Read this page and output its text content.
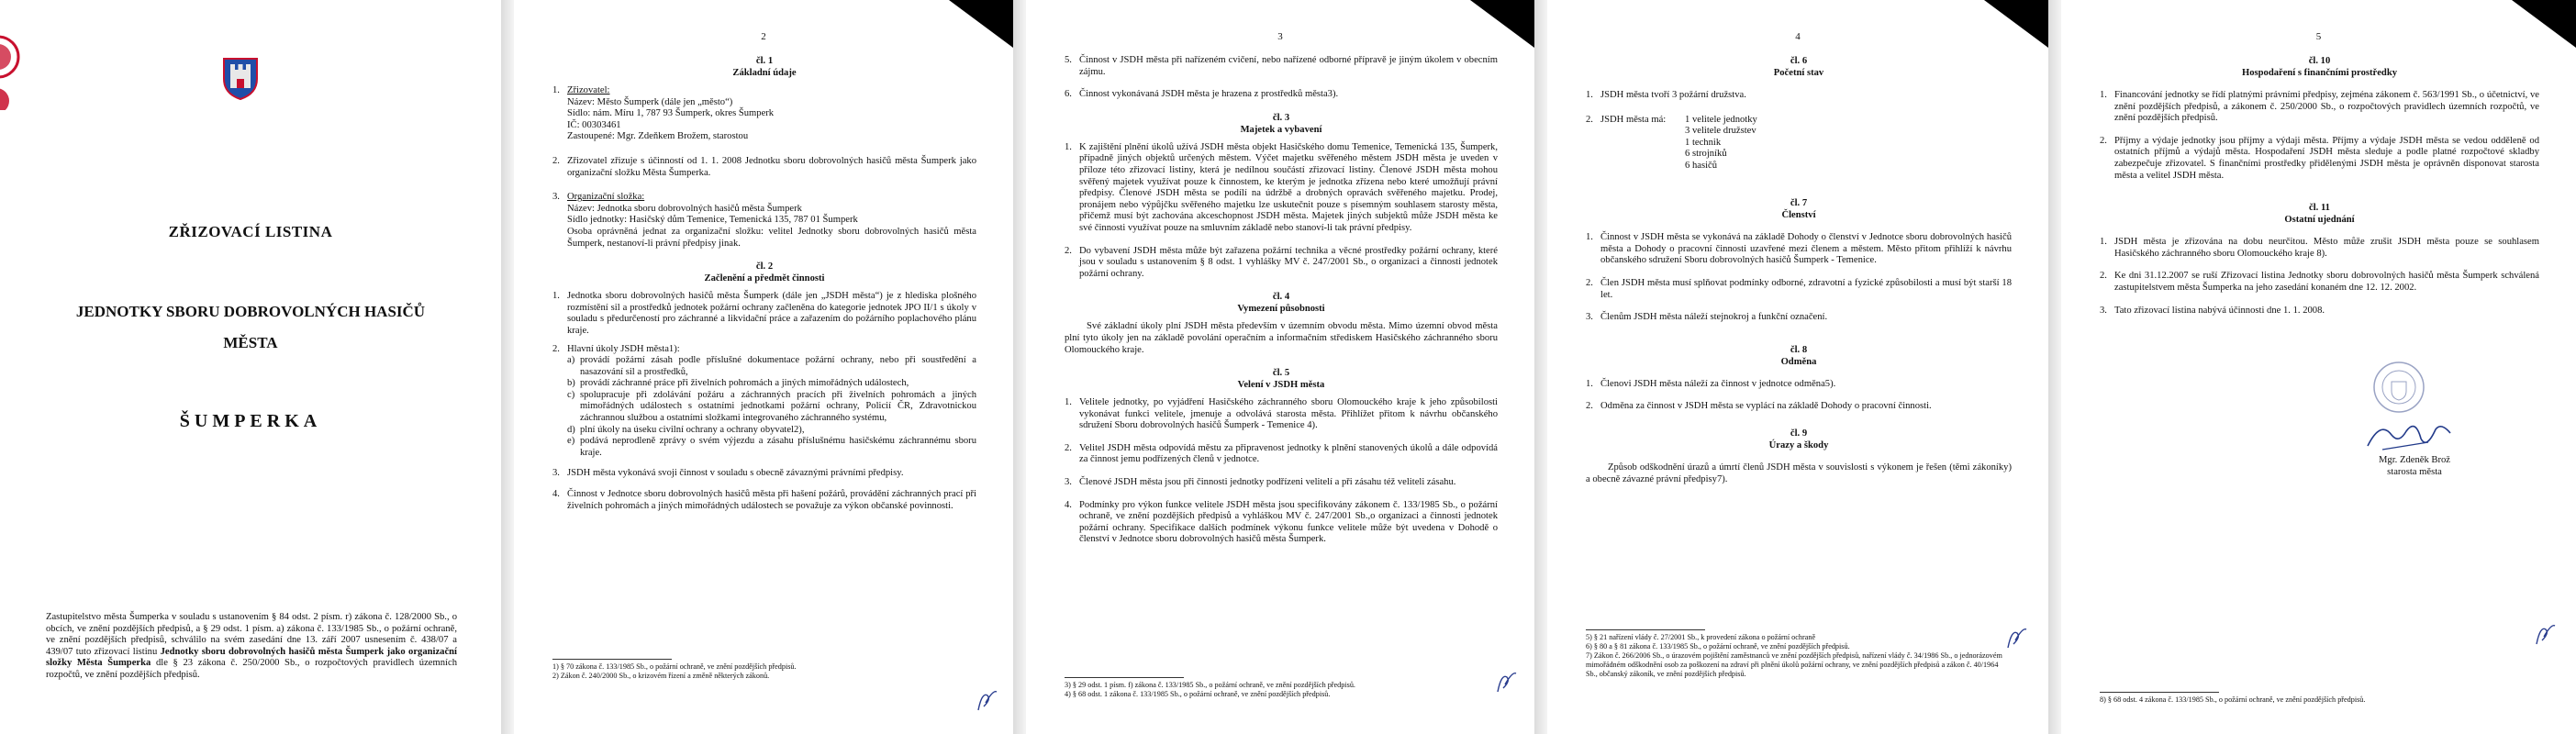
ZŘIZOVACÍ LISTINA
JEDNOTKY SBORU DOBROVOLNÝCH HASIČŮ
MĚSTA
ŠUMPERKA
Zastupitelstvo města Šumperka v souladu s ustanovením § 84 odst. 2 písm. r) zákona č. 128/2000 Sb., o obcích, ve znění pozdějších předpisů, a § 29 odst. 1 písm. a) zákona č. 133/1985 Sb., o požární ochraně, ve znění pozdějších předpisů, schválilo na svém zasedání dne 13. září 2007 usnesením č. 438/07 a 439/07 tuto zřizovací listinu Jednotky sboru dobrovolných hasičů města Šumperk jako organizační složky Města Šumperka dle § 23 zákona č. 250/2000 Sb., o rozpočtových pravidlech územních rozpočtů, ve znění pozdějších předpisů.
2
čl. 1
Základní údaje
1. Zřizovatel:
Název: Město Šumperk (dále jen „město“)
Sídlo: nám. Míru 1, 787 93 Šumperk, okres Šumperk
IČ: 00303461
Zastoupené: Mgr. Zdeňkem Brožem, starostou
2. Zřizovatel zřizuje s účinností od 1. 1. 2008 Jednotku sboru dobrovolných hasičů města Šumperk jako organizační složku Města Šumperka.
3. Organizační složka:
Název: Jednotka sboru dobrovolných hasičů města Šumperk
Sídlo jednotky: Hasičský dům Temenice, Temenická 135, 787 01 Šumperk
Osoba oprávněná jednat za organizační složku: velitel Jednotky sboru dobrovolných hasičů města Šumperk, nestanoví-li právní předpisy jinak.
čl. 2
Začlenění a předmět činnosti
1. Jednotka sboru dobrovolných hasičů města Šumperk (dále jen „JSDH města“) je z hlediska plošného rozmístění sil a prostředků jednotek požární ochrany začleněna do kategorie jednotek JPO II/1 s úkoly v souladu s předurčeností pro záchranné a likvidační práce a zařazením do požárního poplachového plánu kraje.
2. Hlavní úkoly JSDH města1):
a) provádí požární zásah podle příslušné dokumentace požární ochrany, nebo při soustředění a nasazování sil a prostředků,
b) provádí záchranné práce při živelních pohromách a jiných mimořádných událostech,
c) spolupracuje při zdolávání požáru a záchranných pracích při živelních pohromách a jiných mimořádných událostech s ostatními jednotkami požární ochrany, Policií ČR, Zdravotnickou záchrannou službou a ostatními složkami integrovaného záchranného systému,
d) plní úkoly na úseku civilní ochrany a ochrany obyvatel2),
e) podává neprodleně zprávy o svém výjezdu a zásahu příslušnému hasičskému záchrannému sboru kraje.
3. JSDH města vykonává svoji činnost v souladu s obecně závaznými právními předpisy.
4. Činnost v Jednotce sboru dobrovolných hasičů města při hašení požárů, provádění záchranných prací při živelních pohromách a jiných mimořádných událostech se považuje za výkon občanské povinnosti.
1) § 70 zákona č. 133/1985 Sb., o požární ochraně, ve znění pozdějších předpisů.
2) Zákon č. 240/2000 Sb., o krizovém řízení a změně některých zákonů.
3
5. Činnost v JSDH města při nařízeném cvičení, nebo nařízené odborné přípravě je jiným úkolem v obecním zájmu.
6. Činnost vykonávaná JSDH města je hrazena z prostředků města3).
čl. 3
Majetek a vybavení
1. K zajištění plnění úkolů užívá JSDH města objekt Hasičského domu Temenice, Temenická 135, Šumperk, případně jiných objektů určených městem. Výčet majetku svěřeného městem JSDH města je uveden v příloze této zřizovací listiny, která je nedílnou součástí zřizovací listiny. Členové JSDH města mohou svěřený majetek využívat pouze k činnostem, ke kterým je jednotka zřízena nebo které umožňují právní předpisy. Členové JSDH města se podílí na údržbě a drobných opravách svěřeného majetku. Prodej, pronájem nebo výpůjčku svěřeného majetku lze uskutečnit pouze s písemným souhlasem starosty města, přičemž musí být zachována akceschopnost JSDH města. Majetek jiných subjektů může JSDH města ke své činnosti využívat pouze na smluvním základě nebo stanoví-li tak právní předpisy.
2. Do vybavení JSDH města může být zařazena požární technika a věcné prostředky požární ochrany, které jsou v souladu s ustanovením § 8 odst. 1 vyhlášky MV č. 247/2001 Sb., o organizaci a činnosti jednotek požární ochrany.
čl. 4
Vymezení působnosti
Své základní úkoly plní JSDH města především v územním obvodu města. Mimo územní obvod města plní tyto úkoly jen na základě povolání operačním a informačním střediskem Hasičského záchranného sboru Olomouckého kraje.
čl. 5
Velení v JSDH města
1. Velitele jednotky, po vyjádření Hasičského záchranného sboru Olomouckého kraje k jeho způsobilosti vykonávat funkci velitele, jmenuje a odvolává starosta města. Přihlížet přitom k návrhu občanského sdružení Sboru dobrovolných hasičů Šumperk - Temenice 4).
2. Velitel JSDH města odpovídá městu za připravenost jednotky k plnění stanovených úkolů a dále odpovídá za činnost jemu podřízených členů v jednotce.
3. Členové JSDH města jsou při činnosti jednotky podřízeni velitelí a při zásahu též veliteli zásahu.
4. Podmínky pro výkon funkce velitele JSDH města jsou specifikovány zákonem č. 133/1985 Sb., o požární ochraně, ve znění pozdějších předpisů a vyhláškou MV č. 247/2001 Sb.,o organizaci a činnosti jednotek požární ochrany. Specifikace dalších podmínek výkonu funkce velitele může být uvedena v Dohodě o členství v Jednotce sboru dobrovolných hasičů města Šumperk.
3) § 29 odst. 1 písm. f) zákona č. 133/1985 Sb., o požární ochraně, ve znění pozdějších předpisů.
4) § 68 odst. 1 zákona č. 133/1985 Sb., o požární ochraně, ve znění pozdějších předpisů.
4
čl. 6
Početní stav
1. JSDH města tvoří 3 požární družstva.
2. JSDH města má: 1 velitele jednotky
3 velitele družstev
1 technik
6 strojníků
6 hasičů
čl. 7
Členství
1. Činnost v JSDH města se vykonává na základě Dohody o členství v Jednotce sboru dobrovolných hasičů města a Dohody o pracovní činnosti uzavřené mezi členem a městem. Město přitom přihlíží k návrhu občanského sdružení Sboru dobrovolných hasičů Šumperk - Temenice.
2. Člen JSDH města musí splňovat podmínky odborné, zdravotní a fyzické způsobilosti a musí být starší 18 let.
3. Členům JSDH města náleží stejnokroj a funkční označení.
čl. 8
Odměna
1. Členovi JSDH města náleží za činnost v jednotce odměna5).
2. Odměna za činnost v JSDH města se vyplácí na základě Dohody o pracovní činnosti.
čl. 9
Úrazy a škody
Způsob odškodnění úrazů a úmrtí členů JSDH města v souvislosti s výkonem je řešen (těmi zákoníky) a obecně závazné právní předpisy7).
5) § 21 nařízení vlády č. 27/2001 Sb., k provedení zákona o požární ochraně
6) § 80 a § 81 zákona č. 133/1985 Sb., o požární ochraně, ve znění pozdějších předpisů.
7) Zákon č. 266/2006 Sb., o úrazovém pojištění zaměstnanců ve znění pozdějších předpisů, nařízení vlády č. 34/1986 Sb., o jednorázovém mimořádném odškodnění osob za poškození na zdraví při plnění úkolů požární ochrany, ve znění pozdějších předpisů a zákon č. 40/1964 Sb., občanský zákoník, ve znění pozdějších předpisů.
5
čl. 10
Hospodaření s finančními prostředky
1. Financování jednotky se řídí platnými právními předpisy, zejména zákonem č. 563/1991 Sb., o účetnictví, ve znění pozdějších předpisů, a zákonem č. 250/2000 Sb., o rozpočtových pravidlech územních rozpočtů, ve znění pozdějších předpisů.
2. Příjmy a výdaje jednotky jsou příjmy a výdaji města. Příjmy a výdaje JSDH města se vedou odděleně od ostatních příjmů a výdajů města. Hospodaření JSDH města sleduje a podle platné rozpočtové skladby zabezpečuje zřizovatel. S finančními prostředky přidělenými JSDH města je oprávněn disponovat starosta města a velitel JSDH města.
čl. 11
Ostatní ujednání
1. JSDH města je zřizována na dobu neurčitou. Město může zrušit JSDH města pouze se souhlasem Hasičského záchranného sboru Olomouckého kraje 8).
2. Ke dni 31.12.2007 se ruší Zřizovací listina Jednotky sboru dobrovolných hasičů města Šumperk schválená zastupitelstvem města Šumperka na jeho zasedání konaném dne 12. 12. 2002.
3. Tato zřizovací listina nabývá účinnosti dne 1. 1. 2008.
Mgr. Zdeněk Brož
starosta města
8) § 68 odst. 4 zákona č. 133/1985 Sb., o požární ochraně, ve znění pozdějších předpisů.
